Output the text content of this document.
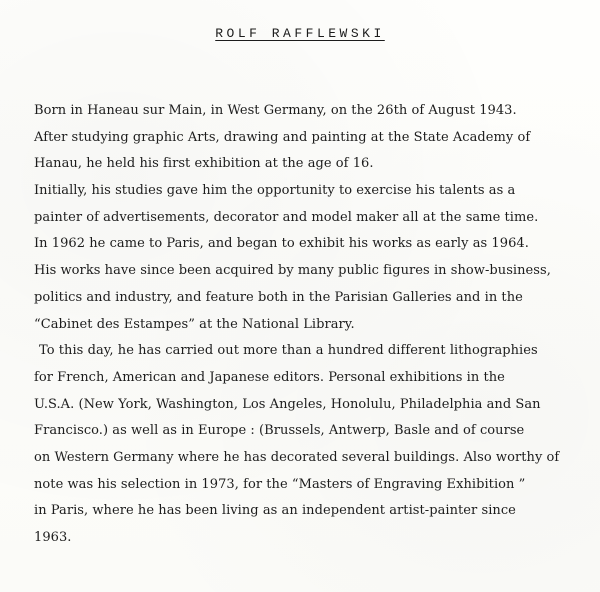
ROLF RAFFLEWSKI
Born in Haneau sur Main, in West Germany, on the 26th of August 1943.
After studying graphic Arts, drawing and painting at the State Academy of
Hanau, he held his first exhibition at the age of 16.
Initially, his studies gave him the opportunity to exercise his talents as a
painter of advertisements, decorator and model maker all at the same time.
In 1962 he came to Paris, and began to exhibit his works as early as 1964.
His works have since been acquired by many public figures in show-business,
politics and industry, and feature both in the Parisian Galleries and in the
“Cabinet des Estampes” at the National Library.
To this day, he has carried out more than a hundred different lithographies
for French, American and Japanese editors. Personal exhibitions in the
U.S.A. (New York, Washington, Los Angeles, Honolulu, Philadelphia and San
Francisco.) as well as in Europe : (Brussels, Antwerp, Basle and of course
on Western Germany where he has decorated several buildings. Also worthy of
note was his selection in 1973, for the “Masters of Engraving Exhibition ”
in Paris, where he has been living as an independent artist-painter since
1963.
